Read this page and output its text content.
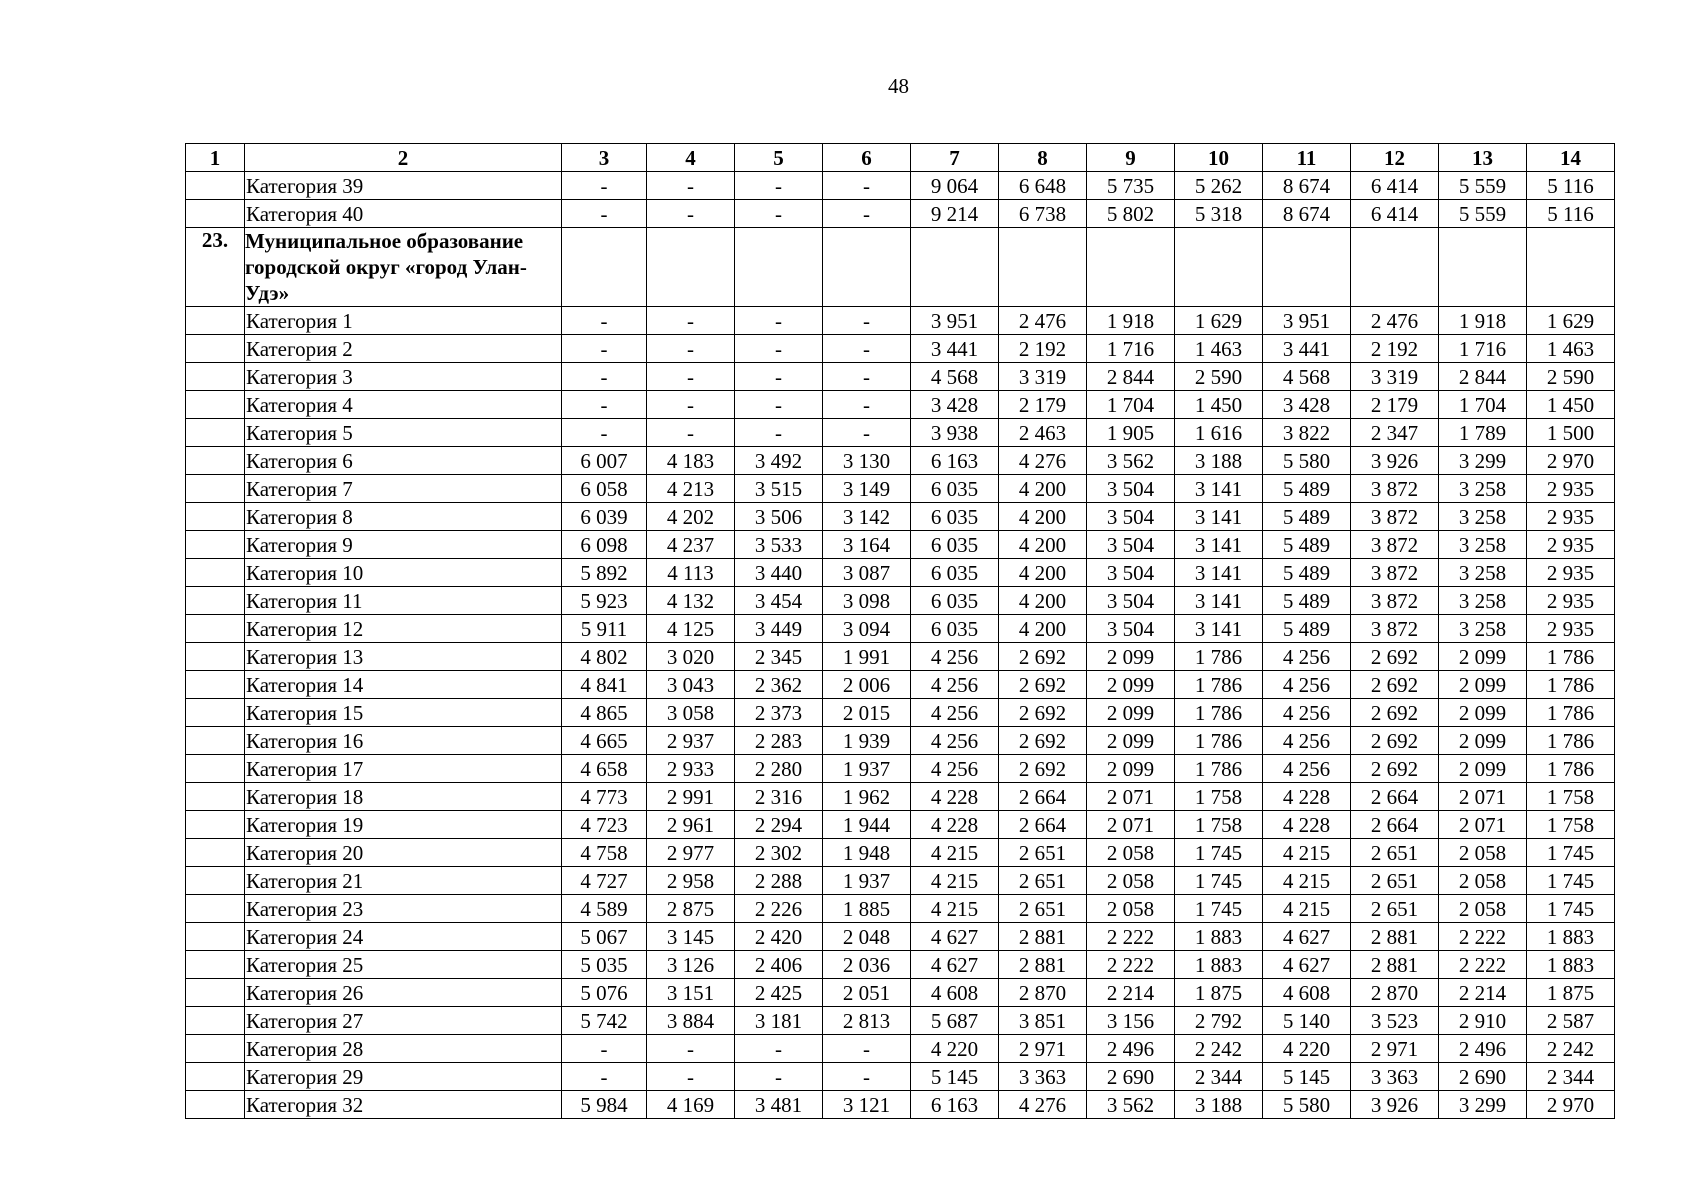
48
1	2	3	4	5	6	7	8	9	10	11	12	13	14
	Категория 39	-	-	-	-	9 064	6 648	5 735	5 262	8 674	6 414	5 559	5 116
	Категория 40	-	-	-	-	9 214	6 738	5 802	5 318	8 674	6 414	5 559	5 116
23.	Муниципальное образование
городской округ «город Улан-Удэ»												
	Категория 1	-	-	-	-	3 951	2 476	1 918	1 629	3 951	2 476	1 918	1 629
	Категория 2	-	-	-	-	3 441	2 192	1 716	1 463	3 441	2 192	1 716	1 463
	Категория 3	-	-	-	-	4 568	3 319	2 844	2 590	4 568	3 319	2 844	2 590
	Категория 4	-	-	-	-	3 428	2 179	1 704	1 450	3 428	2 179	1 704	1 450
	Категория 5	-	-	-	-	3 938	2 463	1 905	1 616	3 822	2 347	1 789	1 500
	Категория 6	6 007	4 183	3 492	3 130	6 163	4 276	3 562	3 188	5 580	3 926	3 299	2 970
	Категория 7	6 058	4 213	3 515	3 149	6 035	4 200	3 504	3 141	5 489	3 872	3 258	2 935
	Категория 8	6 039	4 202	3 506	3 142	6 035	4 200	3 504	3 141	5 489	3 872	3 258	2 935
	Категория 9	6 098	4 237	3 533	3 164	6 035	4 200	3 504	3 141	5 489	3 872	3 258	2 935
	Категория 10	5 892	4 113	3 440	3 087	6 035	4 200	3 504	3 141	5 489	3 872	3 258	2 935
	Категория 11	5 923	4 132	3 454	3 098	6 035	4 200	3 504	3 141	5 489	3 872	3 258	2 935
	Категория 12	5 911	4 125	3 449	3 094	6 035	4 200	3 504	3 141	5 489	3 872	3 258	2 935
	Категория 13	4 802	3 020	2 345	1 991	4 256	2 692	2 099	1 786	4 256	2 692	2 099	1 786
	Категория 14	4 841	3 043	2 362	2 006	4 256	2 692	2 099	1 786	4 256	2 692	2 099	1 786
	Категория 15	4 865	3 058	2 373	2 015	4 256	2 692	2 099	1 786	4 256	2 692	2 099	1 786
	Категория 16	4 665	2 937	2 283	1 939	4 256	2 692	2 099	1 786	4 256	2 692	2 099	1 786
	Категория 17	4 658	2 933	2 280	1 937	4 256	2 692	2 099	1 786	4 256	2 692	2 099	1 786
	Категория 18	4 773	2 991	2 316	1 962	4 228	2 664	2 071	1 758	4 228	2 664	2 071	1 758
	Категория 19	4 723	2 961	2 294	1 944	4 228	2 664	2 071	1 758	4 228	2 664	2 071	1 758
	Категория 20	4 758	2 977	2 302	1 948	4 215	2 651	2 058	1 745	4 215	2 651	2 058	1 745
	Категория 21	4 727	2 958	2 288	1 937	4 215	2 651	2 058	1 745	4 215	2 651	2 058	1 745
	Категория 23	4 589	2 875	2 226	1 885	4 215	2 651	2 058	1 745	4 215	2 651	2 058	1 745
	Категория 24	5 067	3 145	2 420	2 048	4 627	2 881	2 222	1 883	4 627	2 881	2 222	1 883
	Категория 25	5 035	3 126	2 406	2 036	4 627	2 881	2 222	1 883	4 627	2 881	2 222	1 883
	Категория 26	5 076	3 151	2 425	2 051	4 608	2 870	2 214	1 875	4 608	2 870	2 214	1 875
	Категория 27	5 742	3 884	3 181	2 813	5 687	3 851	3 156	2 792	5 140	3 523	2 910	2 587
	Категория 28	-	-	-	-	4 220	2 971	2 496	2 242	4 220	2 971	2 496	2 242
	Категория 29	-	-	-	-	5 145	3 363	2 690	2 344	5 145	3 363	2 690	2 344
	Категория 32	5 984	4 169	3 481	3 121	6 163	4 276	3 562	3 188	5 580	3 926	3 299	2 970
